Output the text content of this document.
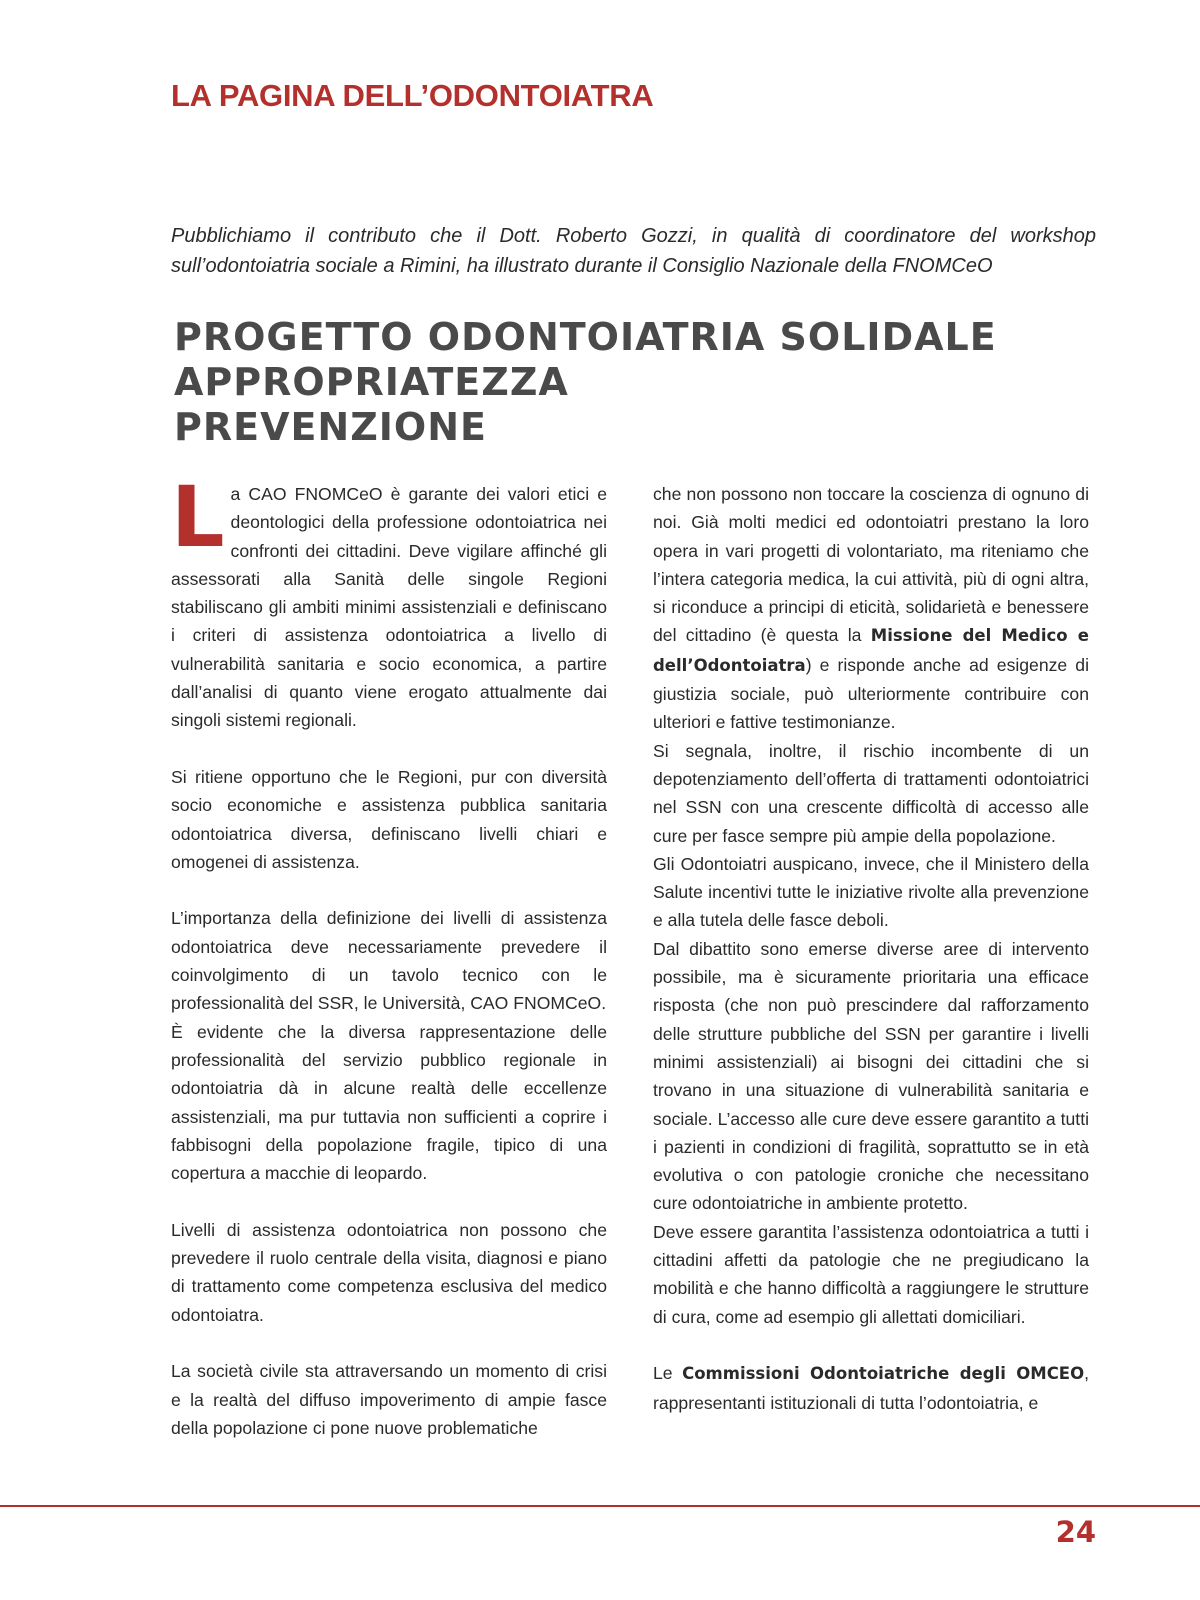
LA PAGINA DELL’ODONTOIATRA

Pubblichiamo il contributo che il Dott. Roberto Gozzi, in qualità di coordinatore del workshop sull’odontoiatria sociale a Rimini, ha illustrato durante il Consiglio Nazionale della FNOMCeO

PROGETTO ODONTOIATRIA SOLIDALE
APPROPRIATEZZA
PREVENZIONE

La CAO FNOMCeO è garante dei valori etici e deontologici della professione odontoiatrica nei confronti dei cittadini. Deve vigilare affinché gli assessorati alla Sanità delle singole Regioni stabiliscano gli ambiti minimi assistenziali e definiscano i criteri di assistenza odontoiatrica a livello di vulnerabilità sanitaria e socio economica, a partire dall’analisi di quanto viene erogato attualmente dai singoli sistemi regionali.

Si ritiene opportuno che le Regioni, pur con diversità socio economiche e assistenza pubblica sanitaria odontoiatrica diversa, definiscano livelli chiari e omogenei di assistenza.

L’importanza della definizione dei livelli di assistenza odontoiatrica deve necessariamente prevedere il coinvolgimento di un tavolo tecnico con le professionalità del SSR, le Università, CAO FNOMCeO.

È evidente che la diversa rappresentazione delle professionalità del servizio pubblico regionale in odontoiatria dà in alcune realtà delle eccellenze assistenziali, ma pur tuttavia non sufficienti a coprire i fabbisogni della popolazione fragile, tipico di una copertura a macchie di leopardo.

Livelli di assistenza odontoiatrica non possono che prevedere il ruolo centrale della visita, diagnosi e piano di trattamento come competenza esclusiva del medico odontoiatra.

La società civile sta attraversando un momento di crisi e la realtà del diffuso impoverimento di ampie fasce della popolazione ci pone nuove problematiche

che non possono non toccare la coscienza di ognuno di noi. Già molti medici ed odontoiatri prestano la loro opera in vari progetti di volontariato, ma riteniamo che l’intera categoria medica, la cui attività, più di ogni altra, si riconduce a principi di eticità, solidarietà e benessere del cittadino (è questa la Missione del Medico e dell’Odontoiatra) e risponde anche ad esigenze di giustizia sociale, può ulteriormente contribuire con ulteriori e fattive testimonianze.

Si segnala, inoltre, il rischio incombente di un depotenziamento dell’offerta di trattamenti odontoiatrici nel SSN con una crescente difficoltà di accesso alle cure per fasce sempre più ampie della popolazione.

Gli Odontoiatri auspicano, invece, che il Ministero della Salute incentivi tutte le iniziative rivolte alla prevenzione e alla tutela delle fasce deboli.

Dal dibattito sono emerse diverse aree di intervento possibile, ma è sicuramente prioritaria una efficace risposta (che non può prescindere dal rafforzamento delle strutture pubbliche del SSN per garantire i livelli minimi assistenziali) ai bisogni dei cittadini che si trovano in una situazione di vulnerabilità sanitaria e sociale. L’accesso alle cure deve essere garantito a tutti i pazienti in condizioni di fragilità, soprattutto se in età evolutiva o con patologie croniche che necessitano cure odontoiatriche in ambiente protetto.

Deve essere garantita l’assistenza odontoiatrica a tutti i cittadini affetti da patologie che ne pregiudicano la mobilità e che hanno difficoltà a raggiungere le strutture di cura, come ad esempio gli allettati domiciliari.

Le Commissioni Odontoiatriche degli OMCEO, rappresentanti istituzionali di tutta l’odontoiatria, e

24
